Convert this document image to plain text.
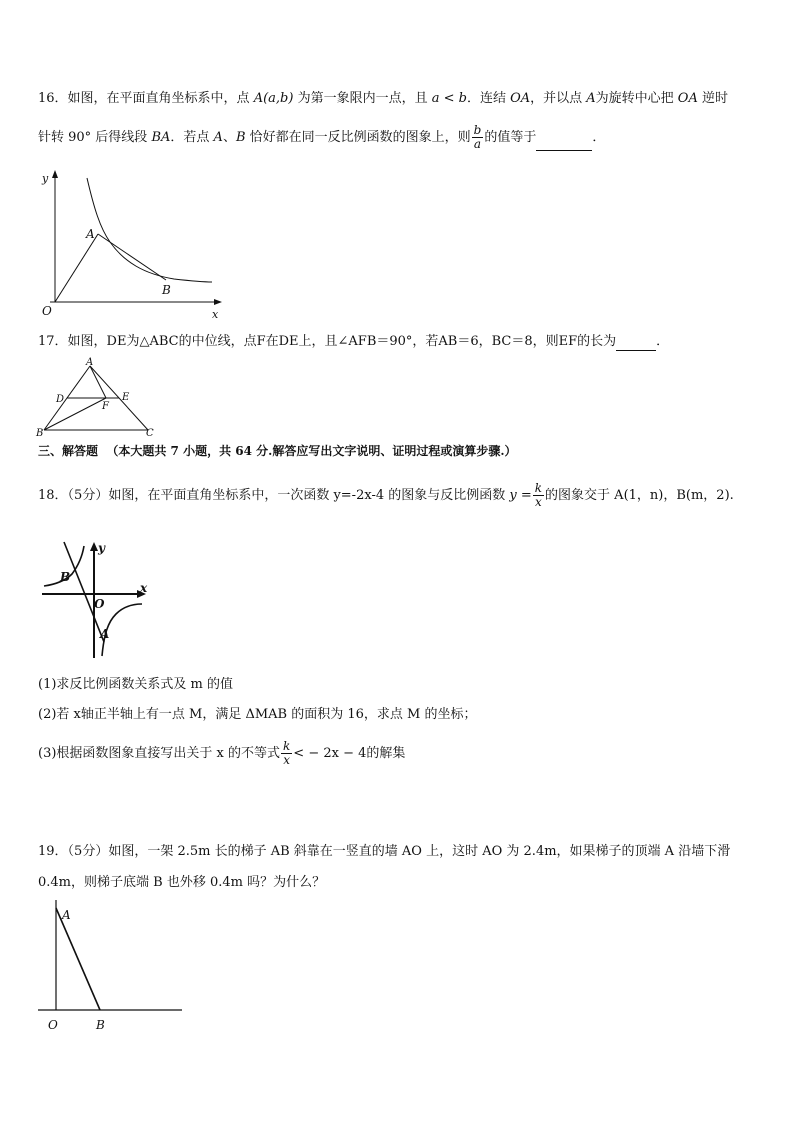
16．如图，在平面直角坐标系中，点 A(a,b) 为第一象限内一点，且 a < b．连结 OA，并以点 A为旋转中心把 OA 逆时
针转 90° 后得线段 BA．若点 A、B 恰好都在同一反比例函数的图象上，则 $\frac{b}{a}$ 的值等于	．
y
x
O
A
B
17．如图，DE为△ABC的中位线，点F在DE上，且∠AFB＝90°，若AB＝6，BC＝8，则EF的长为	．
A
D	E
F
B	C
三、解答题 （本大题共 7 小题，共 64 分.解答应写出文字说明、证明过程或演算步骤.）
18．（5分）如图，在平面直角坐标系中，一次函数 y=-2x-4 的图象与反比例函数 $y = \frac{k}{x}$ 的图象交于 A(1，n)，B(m，2).
y
x
O
B
A
(1)求反比例函数关系式及 m 的值
(2)若 x轴正半轴上有一点 M，满足 ΔMAB 的面积为 16，求点 M 的坐标；
(3)根据函数图象直接写出关于 x 的不等式 $\frac{k}{x}$ < − 2x − 4的解集
19．（5分）如图，一架 2.5m 长的梯子 AB 斜靠在一竖直的墙 AO 上，这时 AO 为 2.4m，如果梯子的顶端 A 沿墙下滑
0.4m，则梯子底端 B 也外移 0.4m 吗？为什么？
A
O	B
